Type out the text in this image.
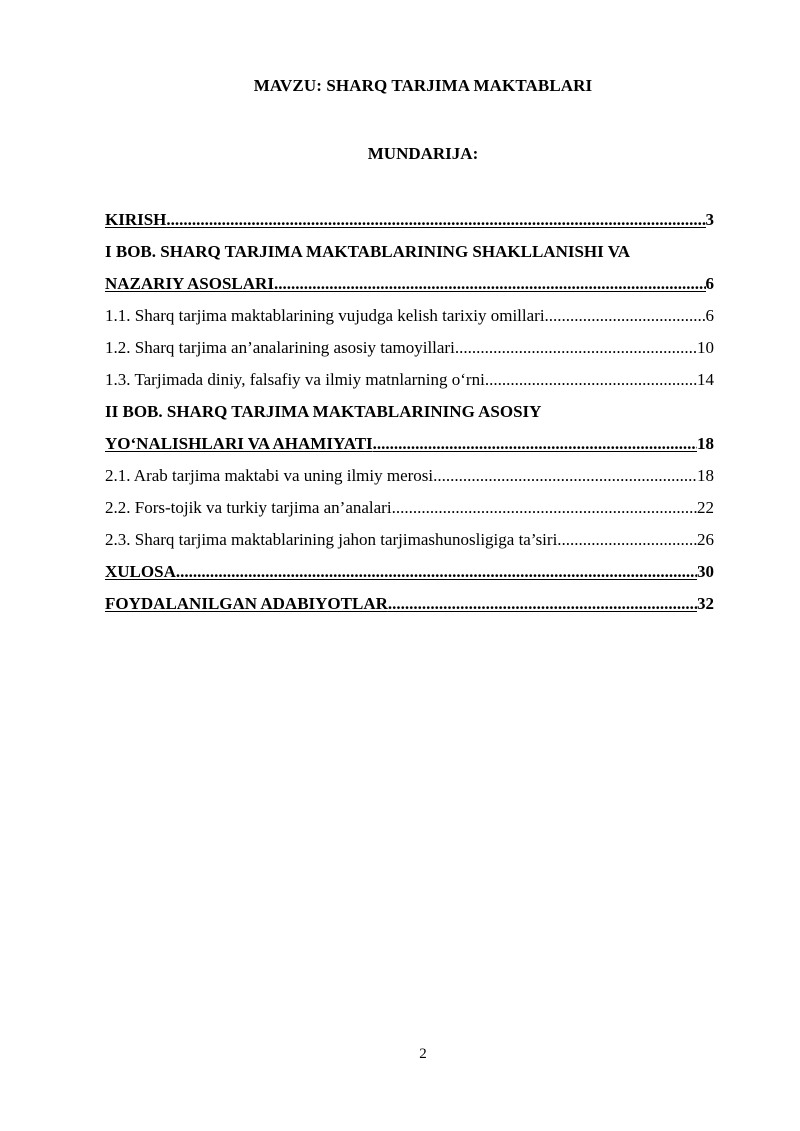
MAVZU: SHARQ TARJIMA MAKTABLARI
MUNDARIJA:
KIRISH .....	3
I BOB. SHARQ TARJIMA MAKTABLARINING SHAKLLANISHI VA
NAZARIY ASOSLARI .....	6
1.1. Sharq tarjima maktablarining vujudga kelish tarixiy omillari .....	6
1.2. Sharq tarjima an’analarining asosiy tamoyillari .....	10
1.3. Tarjimada diniy, falsafiy va ilmiy matnlarning o‘rni .....	14
II BOB. SHARQ TARJIMA MAKTABLARINING ASOSIY
YO‘NALISHLARI VA AHAMIYATI .....	18
2.1. Arab tarjima maktabi va uning ilmiy merosi .....	18
2.2. Fors-tojik va turkiy tarjima an’analari .....	22
2.3. Sharq tarjima maktablarining jahon tarjimashunosligiga ta’siri .....	26
XULOSA .....	30
FOYDALANILGAN ADABIYOTLAR .....	32
2
